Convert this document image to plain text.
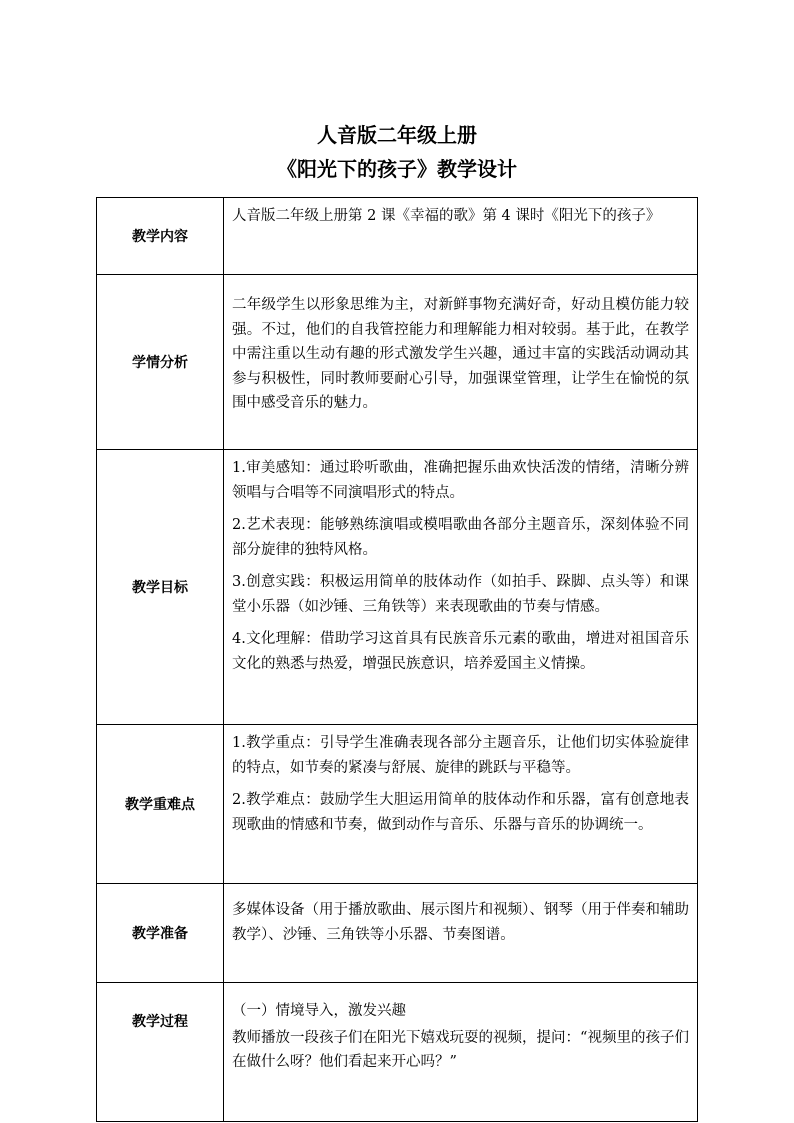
人音版二年级上册
《阳光下的孩子》教学设计
教学内容	人音版二年级上册第 2 课《幸福的歌》第 4 课时《阳光下的孩子》

学情分析	二年级学生以形象思维为主，对新鲜事物充满好奇，好动且模仿能力较强。不过，他们的自我管控能力和理解能力相对较弱。基于此，在教学中需注重以生动有趣的形式激发学生兴趣，通过丰富的实践活动调动其参与积极性，同时教师要耐心引导，加强课堂管理，让学生在愉悦的氛围中感受音乐的魅力。

教学目标	1.审美感知：通过聆听歌曲，准确把握乐曲欢快活泼的情绪，清晰分辨领唱与合唱等不同演唱形式的特点。

2.艺术表现：能够熟练演唱或模唱歌曲各部分主题音乐，深刻体验不同部分旋律的独特风格。

3.创意实践：积极运用简单的肢体动作（如拍手、跺脚、点头等）和课堂小乐器（如沙锤、三角铁等）来表现歌曲的节奏与情感。

4.文化理解：借助学习这首具有民族音乐元素的歌曲，增进对祖国音乐文化的熟悉与热爱，增强民族意识，培养爱国主义情操。

教学重难点	1.教学重点：引导学生准确表现各部分主题音乐，让他们切实体验旋律的特点，如节奏的紧凑与舒展、旋律的跳跃与平稳等。

2.教学难点：鼓励学生大胆运用简单的肢体动作和乐器，富有创意地表现歌曲的情感和节奏，做到动作与音乐、乐器与音乐的协调统一。

教学准备	多媒体设备（用于播放歌曲、展示图片和视频）、钢琴（用于伴奏和辅助教学）、沙锤、三角铁等小乐器、节奏图谱。

教学过程	（一）情境导入，激发兴趣

教师播放一段孩子们在阳光下嬉戏玩耍的视频，提问：“视频里的孩子们在做什么呀？他们看起来开心吗？”
